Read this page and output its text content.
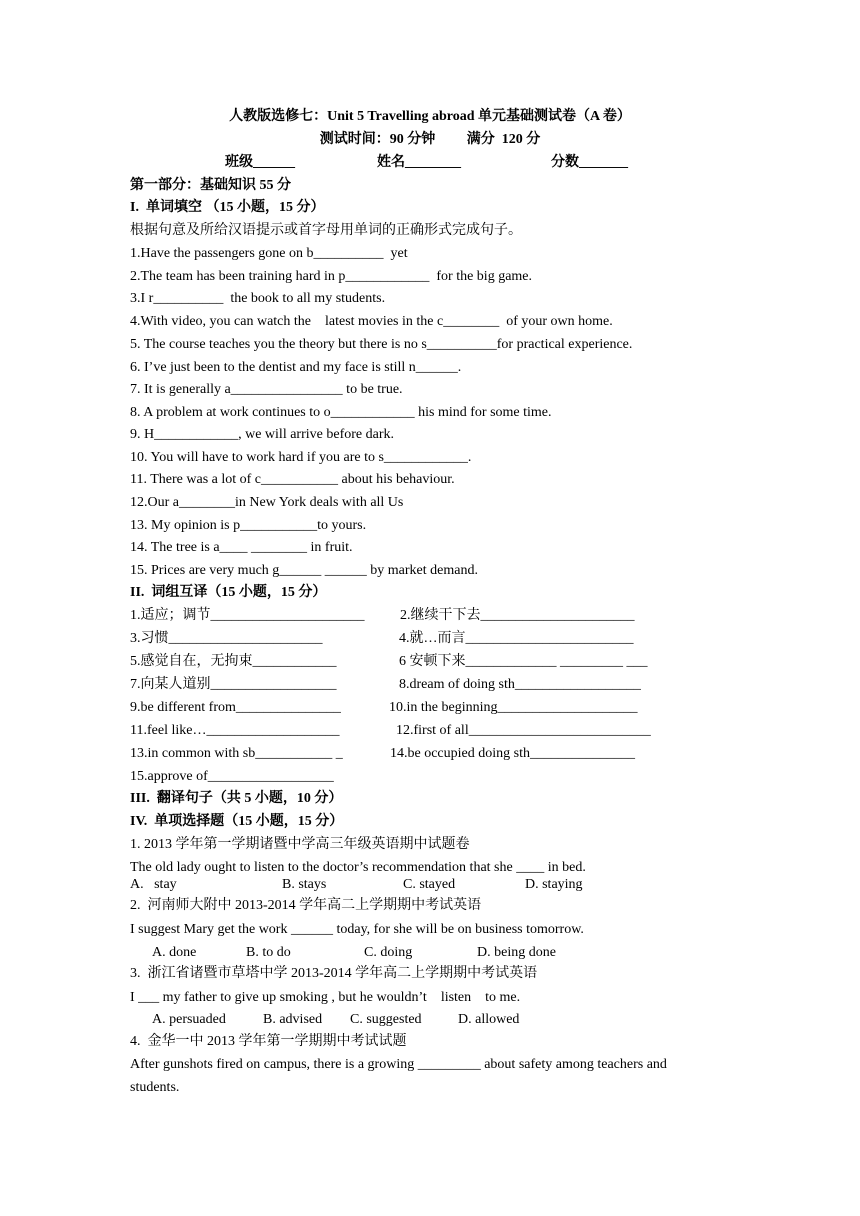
人教版选修七：Unit 5 Travelling abroad 单元基础测试卷（A 卷）
测试时间：90 分钟　　 满分  120 分
班级______	姓名________	分数_______
第一部分：基础知识 55 分
I.  单词填空 （15 小题，15 分）
根据句意及所给汉语提示或首字母用单词的正确形式完成句子。
1.Have the passengers gone on b__________  yet
2.The team has been training hard in p____________  for the big game.
3.I r__________  the book to all my students.
4.With video, you can watch the    latest movies in the c________  of your own home.
5. The course teaches you the theory but there is no s__________for practical experience.
6. I’ve just been to the dentist and my face is still n______.
7. It is generally a________________ to be true.
8. A problem at work continues to o____________ his mind for some time.
9. H____________, we will arrive before dark.
10. You will have to work hard if you are to s____________.
11. There was a lot of c___________ about his behaviour.
12.Our a________in New York deals with all Us
13. My opinion is p___________to yours.
14. The tree is a____ ________ in fruit.
15. Prices are very much g______ ______ by market demand.
II.  词组互译（15 小题，15 分）
1.适应；调节______________________	2.继续干下去______________________
3.习惯______________________	4.就…而言________________________
5.感觉自在，无拘束____________	6 安顿下来_____________ _________ ___
7.向某人道别__________________	8.dream of doing sth__________________
9.be different from_______________	10.in the beginning____________________
11.feel like…___________________	12.first of all__________________________
13.in common with sb___________ _	14.be occupied doing sth_______________
15.approve of__________________
III.  翻译句子（共 5 小题，10 分）
IV.  单项选择题（15 小题，15 分）
1. 2013 学年第一学期诸暨中学高三年级英语期中试题卷
The old lady ought to listen to the doctor’s recommendation that she ____ in bed.
A.   stay	B. stays	C. stayed	D. staying
2.  河南师大附中 2013-2014 学年高二上学期期中考试英语
I suggest Mary get the work ______ today, for she will be on business tomorrow.
A. done	B. to do	C. doing	D. being done
3.  浙江省诸暨市草塔中学 2013-2014 学年高二上学期期中考试英语
I ___ my father to give up smoking , but he wouldn’t    listen    to me.
A. persuaded	B. advised C. suggested	D. allowed
4.  金华一中 2013 学年第一学期期中考试试题
After gunshots fired on campus, there is a growing _________ about safety among teachers and
students.
